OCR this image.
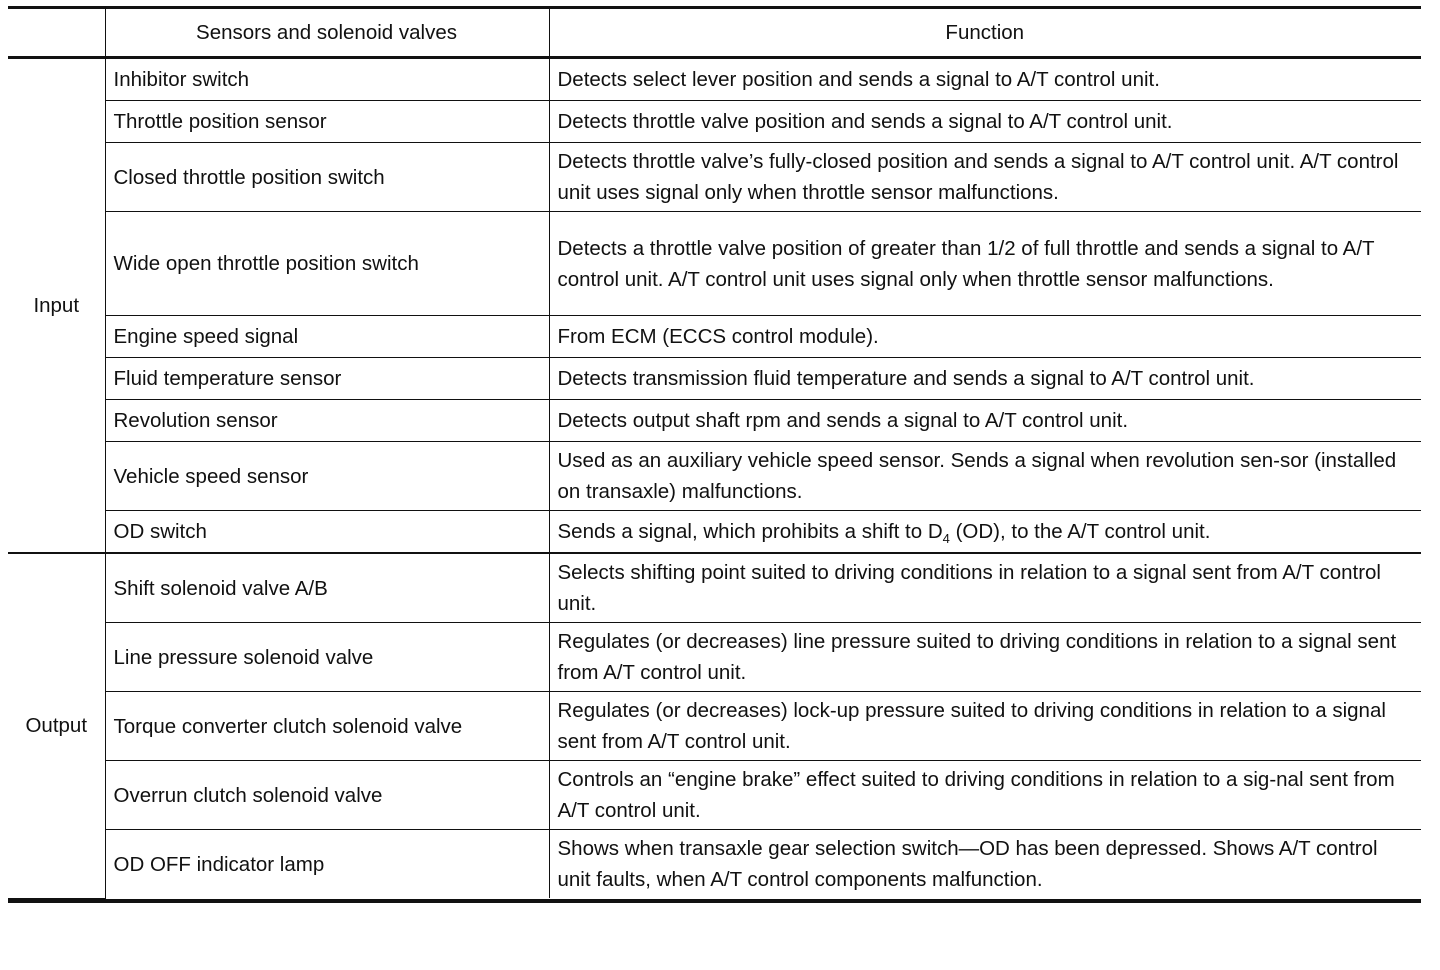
	Sensors and solenoid valves	Function
Input	Inhibitor switch	Detects select lever position and sends a signal to A/T control unit.
	Throttle position sensor	Detects throttle valve position and sends a signal to A/T control unit.
	Closed throttle position switch	Detects throttle valve’s fully-closed position and sends a signal to A/T control unit. A/T control unit uses signal only when throttle sensor malfunctions.
	Wide open throttle position switch	Detects a throttle valve position of greater than 1/2 of full throttle and sends a signal to A/T control unit. A/T control unit uses signal only when throttle sensor malfunctions.
	Engine speed signal	From ECM (ECCS control module).
	Fluid temperature sensor	Detects transmission fluid temperature and sends a signal to A/T control unit.
	Revolution sensor	Detects output shaft rpm and sends a signal to A/T control unit.
	Vehicle speed sensor	Used as an auxiliary vehicle speed sensor. Sends a signal when revolution sen-sor (installed on transaxle) malfunctions.
	OD switch	Sends a signal, which prohibits a shift to $D_4$ (OD), to the A/T control unit.
Output	Shift solenoid valve A/B	Selects shifting point suited to driving conditions in relation to a signal sent from A/T control unit.
	Line pressure solenoid valve	Regulates (or decreases) line pressure suited to driving conditions in relation to a signal sent from A/T control unit.
	Torque converter clutch solenoid valve	Regulates (or decreases) lock-up pressure suited to driving conditions in relation to a signal sent from A/T control unit.
	Overrun clutch solenoid valve	Controls an “engine brake” effect suited to driving conditions in relation to a sig-nal sent from A/T control unit.
	OD OFF indicator lamp	Shows when transaxle gear selection switch—OD has been depressed. Shows A/T control unit faults, when A/T control components malfunction.
